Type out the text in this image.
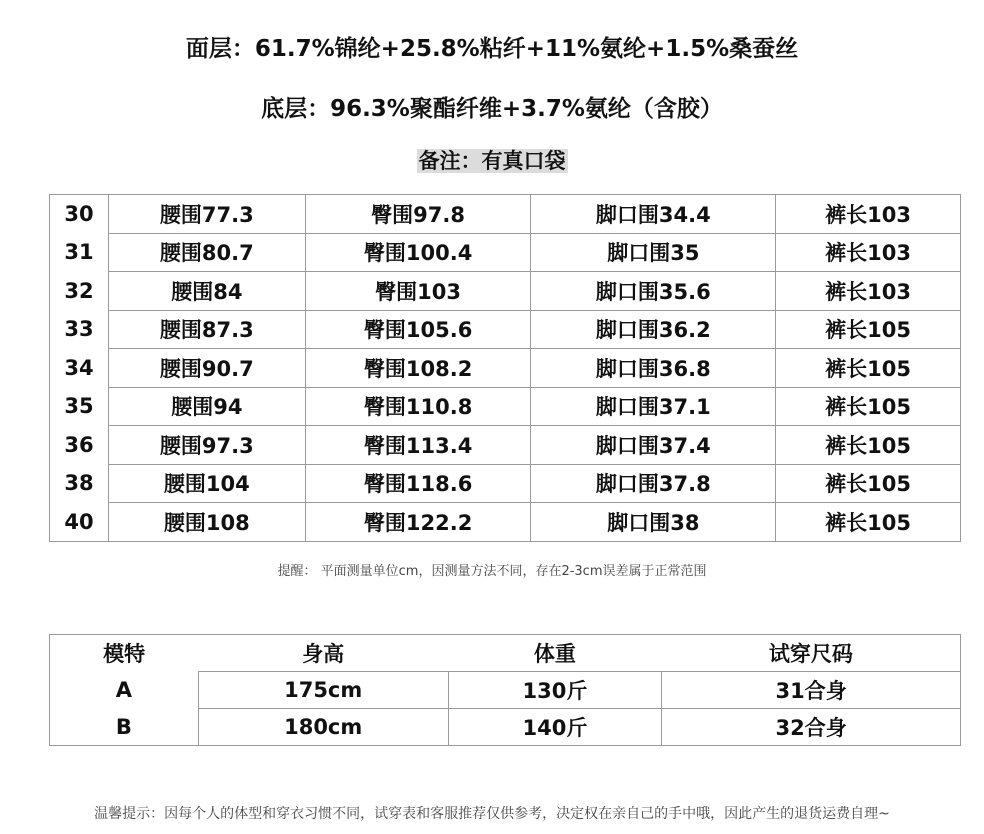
面层：61.7%锦纶+25.8%粘纤+11%氨纶+1.5%桑蚕丝
底层：96.3%聚酯纤维+3.7%氨纶（含胶）
备注：有真口袋
30	腰围77.3	臀围97.8	脚口围34.4	裤长103
31	腰围80.7	臀围100.4	脚口围35	裤长103
32	腰围84	臀围103	脚口围35.6	裤长103
33	腰围87.3	臀围105.6	脚口围36.2	裤长105
34	腰围90.7	臀围108.2	脚口围36.8	裤长105
35	腰围94	臀围110.8	脚口围37.1	裤长105
36	腰围97.3	臀围113.4	脚口围37.4	裤长105
38	腰围104	臀围118.6	脚口围37.8	裤长105
40	腰围108	臀围122.2	脚口围38	裤长105
提醒： 平面测量单位cm，因测量方法不同，存在2-3cm误差属于正常范围
模特	身高	体重	试穿尺码
A	175cm	130斤	31合身
B	180cm	140斤	32合身
温馨提示：因每个人的体型和穿衣习惯不同，试穿表和客服推荐仅供参考，决定权在亲自己的手中哦，因此产生的退货运费自理~
